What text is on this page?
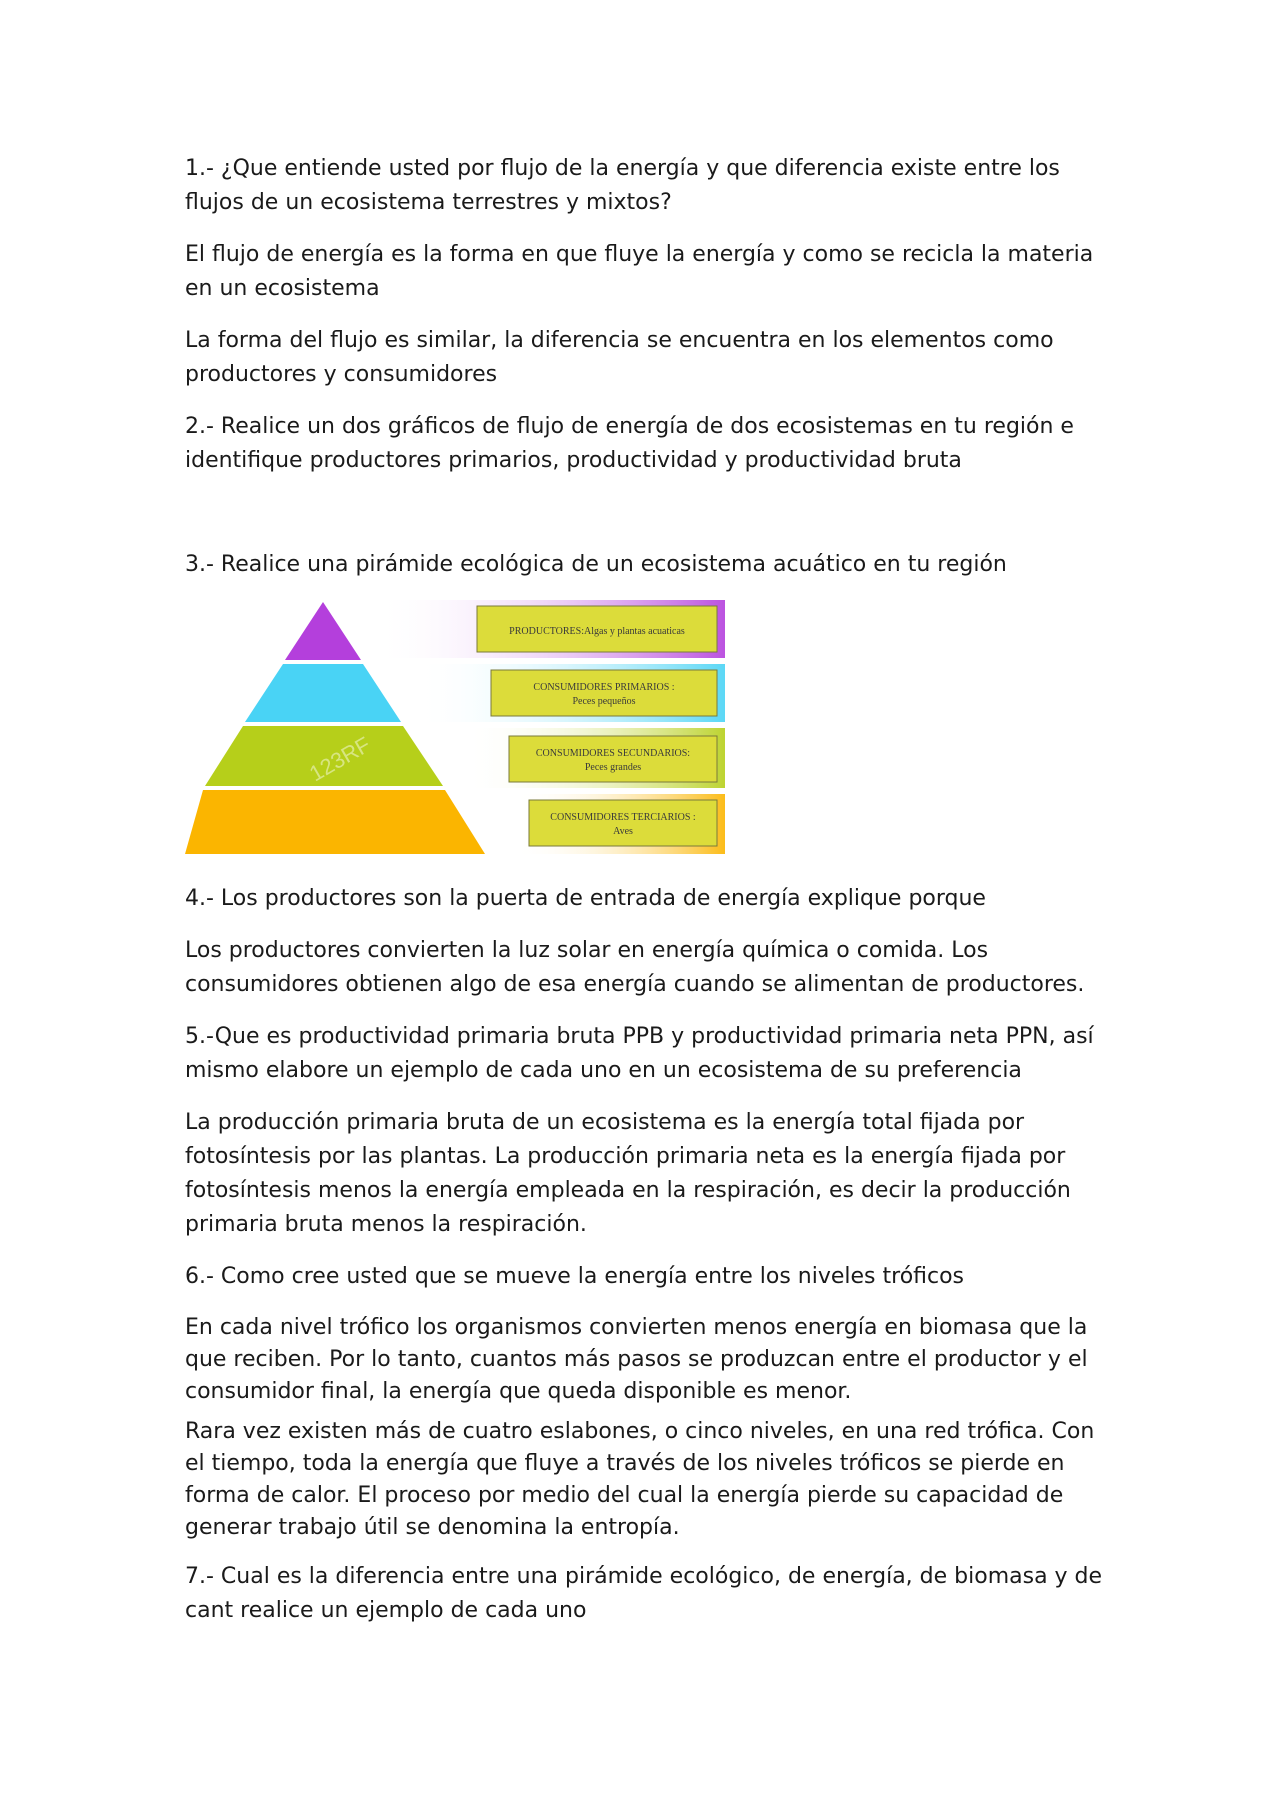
1.- ¿Que entiende usted por flujo de la energía y que diferencia existe entre los flujos de un ecosistema terrestres y mixtos?

El flujo de energía es la forma en que fluye la energía y como se recicla la materia en un ecosistema

La forma del flujo es similar, la diferencia se encuentra en los elementos como productores y consumidores

2.- Realice un dos gráficos de flujo de energía de dos ecosistemas en tu región e identifique productores primarios, productividad y productividad bruta

3.- Realice una pirámide ecológica de un ecosistema acuático en tu región

123RF
PRODUCTORES:Algas y plantas acuaticas
CONSUMIDORES PRIMARIOS :
Peces pequeños
CONSUMIDORES SECUNDARIOS:
Peces grandes
CONSUMIDORES TERCIARIOS :
Aves

4.- Los productores son la puerta de entrada de energía explique porque

Los productores convierten la luz solar en energía química o comida. Los consumidores obtienen algo de esa energía cuando se alimentan de productores.

5.-Que es productividad primaria bruta PPB y productividad primaria neta PPN, así mismo elabore un ejemplo de cada uno en un ecosistema de su preferencia

La producción primaria bruta de un ecosistema es la energía total fijada por fotosíntesis por las plantas. La producción primaria neta es la energía fijada por fotosíntesis menos la energía empleada en la respiración, es decir la producción primaria bruta menos la respiración.

6.- Como cree usted que se mueve la energía entre los niveles tróficos

En cada nivel trófico los organismos convierten menos energía en biomasa que la que reciben. Por lo tanto, cuantos más pasos se produzcan entre el productor y el consumidor final, la energía que queda disponible es menor.

Rara vez existen más de cuatro eslabones, o cinco niveles, en una red trófica. Con el tiempo, toda la energía que fluye a través de los niveles tróficos se pierde en forma de calor. El proceso por medio del cual la energía pierde su capacidad de generar trabajo útil se denomina la entropía.

7.- Cual es la diferencia entre una pirámide ecológico, de energía, de biomasa y de cant realice un ejemplo de cada uno
